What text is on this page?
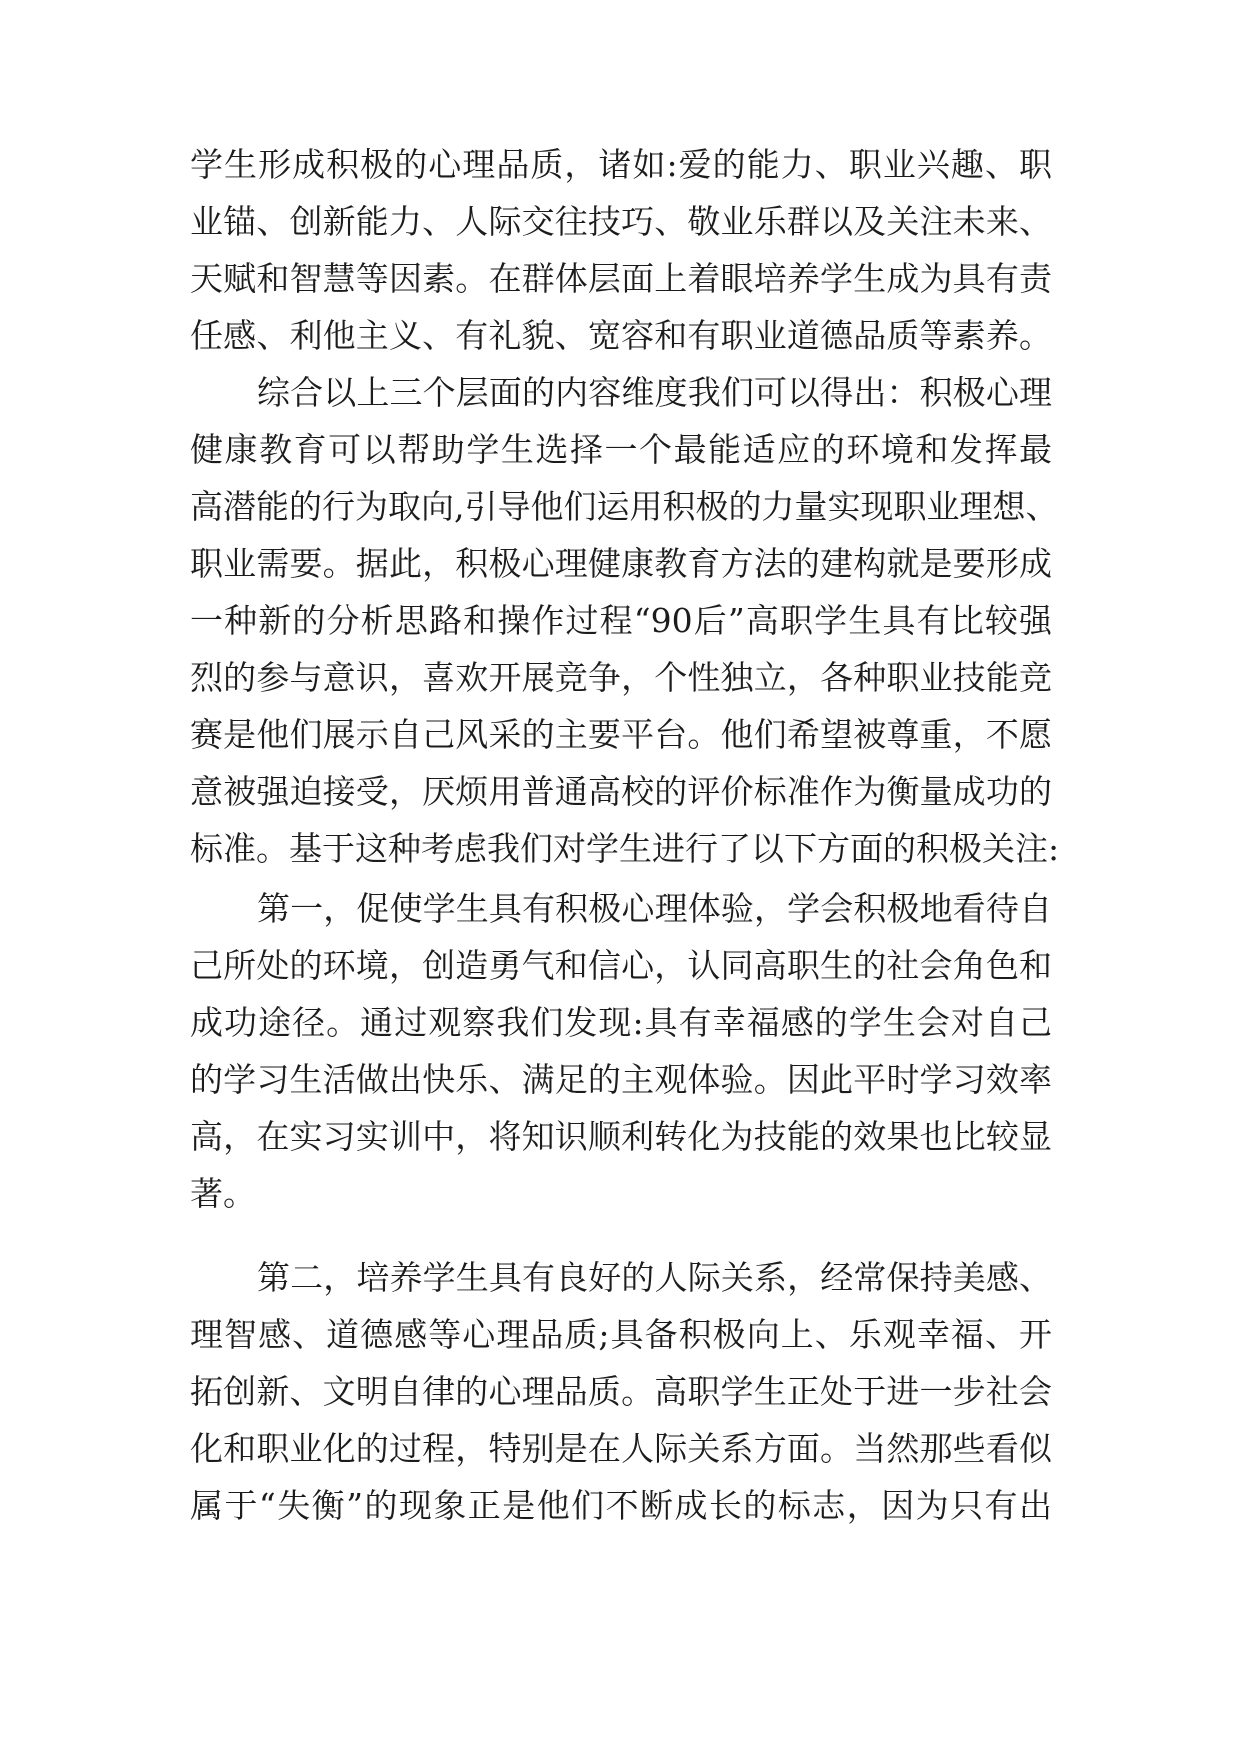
学生形成积极的心理品质，诸如:爱的能力、职业兴趣、职
业锚、创新能力、人际交往技巧、敬业乐群以及关注未来、
天赋和智慧等因素。在群体层面上着眼培养学生成为具有责
任感、利他主义、有礼貌、宽容和有职业道德品质等素养。
综合以上三个层面的内容维度我们可以得出：积极心理
健康教育可以帮助学生选择一个最能适应的环境和发挥最
高潜能的行为取向,引导他们运用积极的力量实现职业理想、
职业需要。据此，积极心理健康教育方法的建构就是要形成
一种新的分析思路和操作过程“90后”高职学生具有比较强
烈的参与意识，喜欢开展竞争，个性独立，各种职业技能竞
赛是他们展示自己风采的主要平台。他们希望被尊重，不愿
意被强迫接受，厌烦用普通高校的评价标准作为衡量成功的
标准。基于这种考虑我们对学生进行了以下方面的积极关注:
第一，促使学生具有积极心理体验，学会积极地看待自
己所处的环境，创造勇气和信心，认同高职生的社会角色和
成功途径。通过观察我们发现:具有幸福感的学生会对自己
的学习生活做出快乐、满足的主观体验。因此平时学习效率
高，在实习实训中，将知识顺利转化为技能的效果也比较显
著。
第二，培养学生具有良好的人际关系，经常保持美感、
理智感、道德感等心理品质;具备积极向上、乐观幸福、开
拓创新、文明自律的心理品质。高职学生正处于进一步社会
化和职业化的过程，特别是在人际关系方面。当然那些看似
属于“失衡”的现象正是他们不断成长的标志，因为只有出
